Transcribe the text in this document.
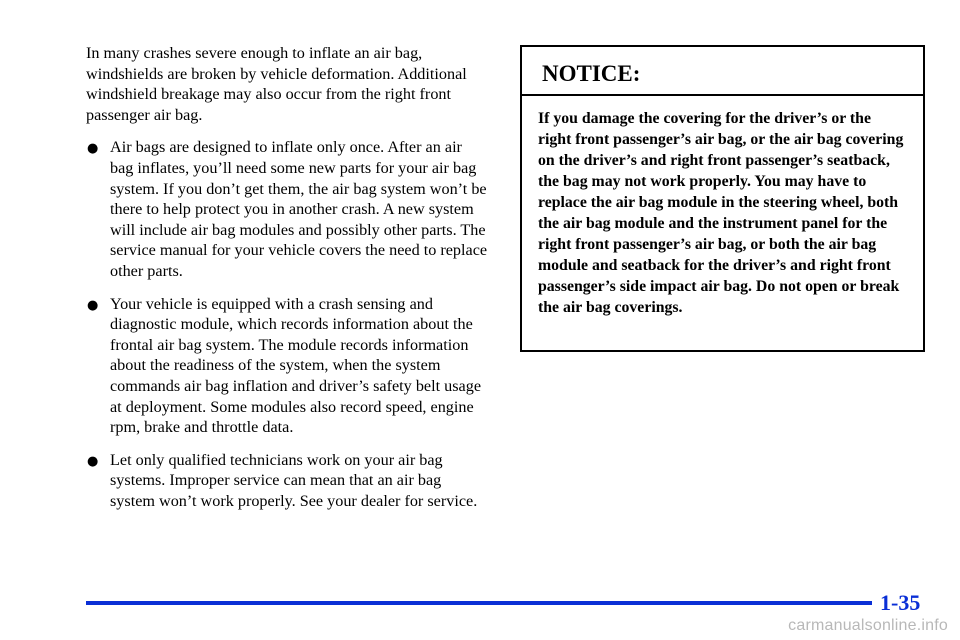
In many crashes severe enough to inflate an air bag, windshields are broken by vehicle deformation. Additional windshield breakage may also occur from the right front passenger air bag.

● Air bags are designed to inflate only once. After an air bag inflates, you’ll need some new parts for your air bag system. If you don’t get them, the air bag system won’t be there to help protect you in another crash. A new system will include air bag modules and possibly other parts. The service manual for your vehicle covers the need to replace other parts.
● Your vehicle is equipped with a crash sensing and diagnostic module, which records information about the frontal air bag system. The module records information about the readiness of the system, when the system commands air bag inflation and driver’s safety belt usage at deployment. Some modules also record speed, engine rpm, brake and throttle data.
● Let only qualified technicians work on your air bag systems. Improper service can mean that an air bag system won’t work properly. See your dealer for service.
NOTICE:
If you damage the covering for the driver’s or the right front passenger’s air bag, or the air bag covering on the driver’s and right front passenger’s seatback, the bag may not work properly. You may have to replace the air bag module in the steering wheel, both the air bag module and the instrument panel for the right front passenger’s air bag, or both the air bag module and seatback for the driver’s and right front passenger’s side impact air bag. Do not open or break the air bag coverings.
1-35
carmanualsonline.info
